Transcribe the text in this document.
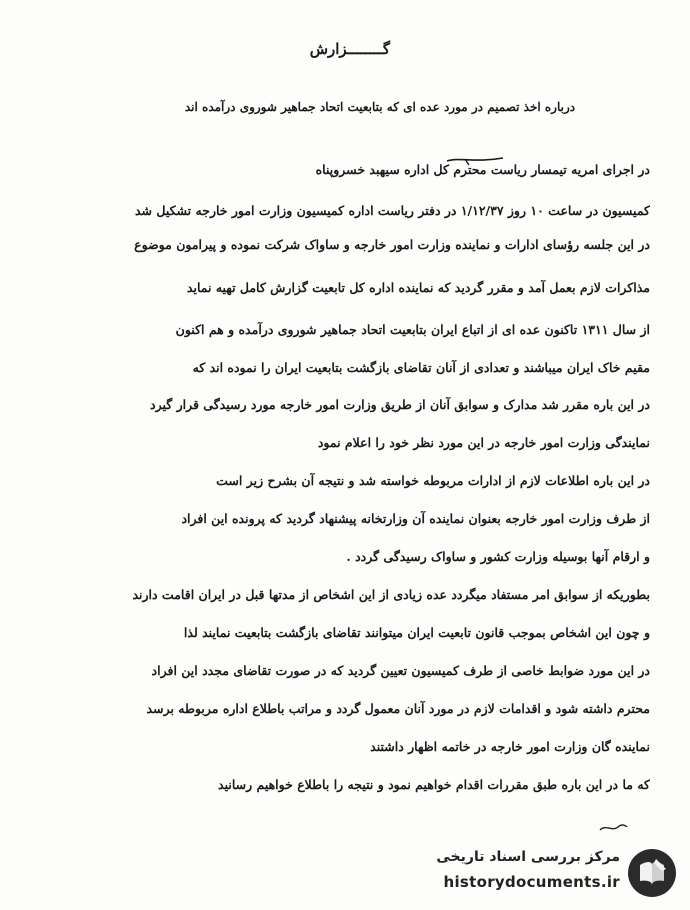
گــــــــزارش
درباره اخذ تصمیم در مورد عده ای که بتابعیت اتحاد جماهیر شوروی درآمده اند
در اجرای امریه تیمسار ریاست محترم کل اداره سیهبد خسروپناه
کمیسیون در ساعت ۱۰ روز ۱/۱۲/۳۷ در دفتر ریاست اداره کمیسیون وزارت امور خارجه تشکیل شد
در این جلسه رؤسای ادارات و نماینده وزارت امور خارجه و ساواک شرکت نموده و پیرامون موضوع
مذاکرات لازم بعمل آمد و مقرر گردید که نماینده اداره کل تابعیت گزارش کامل تهیه نماید
از سال ۱۳۱۱ تاکنون عده ای از اتباع ایران بتابعیت اتحاد جماهیر شوروی درآمده و هم اکنون
مقیم خاک ایران میباشند و تعدادی از آنان تقاضای بازگشت بتابعیت ایران را نموده اند که
در این باره مقرر شد مدارک و سوابق آنان از طریق وزارت امور خارجه مورد رسیدگی قرار گیرد
نمایندگی وزارت امور خارجه در این مورد نظر خود را اعلام نمود
در این باره اطلاعات لازم از ادارات مربوطه خواسته شد و نتیجه آن بشرح زیر است
از طرف وزارت امور خارجه بعنوان نماینده آن وزارتخانه پیشنهاد گردید که پرونده این افراد
و ارقام آنها بوسیله وزارت کشور و ساواک رسیدگی گردد .
بطوریکه از سوابق امر مستفاد میگردد عده زیادی از این اشخاص از مدتها قبل در ایران اقامت دارند
و چون این اشخاص بموجب قانون تابعیت ایران میتوانند تقاضای بازگشت بتابعیت نمایند لذا
در این مورد ضوابط خاصی از طرف کمیسیون تعیین گردید که در صورت تقاضای مجدد این افراد
محترم داشته شود و اقدامات لازم در مورد آنان معمول گردد و مراتب باطلاع اداره مربوطه برسد
نماینده گان وزارت امور خارجه در خاتمه اظهار داشتند
که ما در این باره طبق مقررات اقدام خواهیم نمود و نتیجه را باطلاع خواهیم رسانید
مرکز بررسی اسناد تاریخی
historydocuments.ir
